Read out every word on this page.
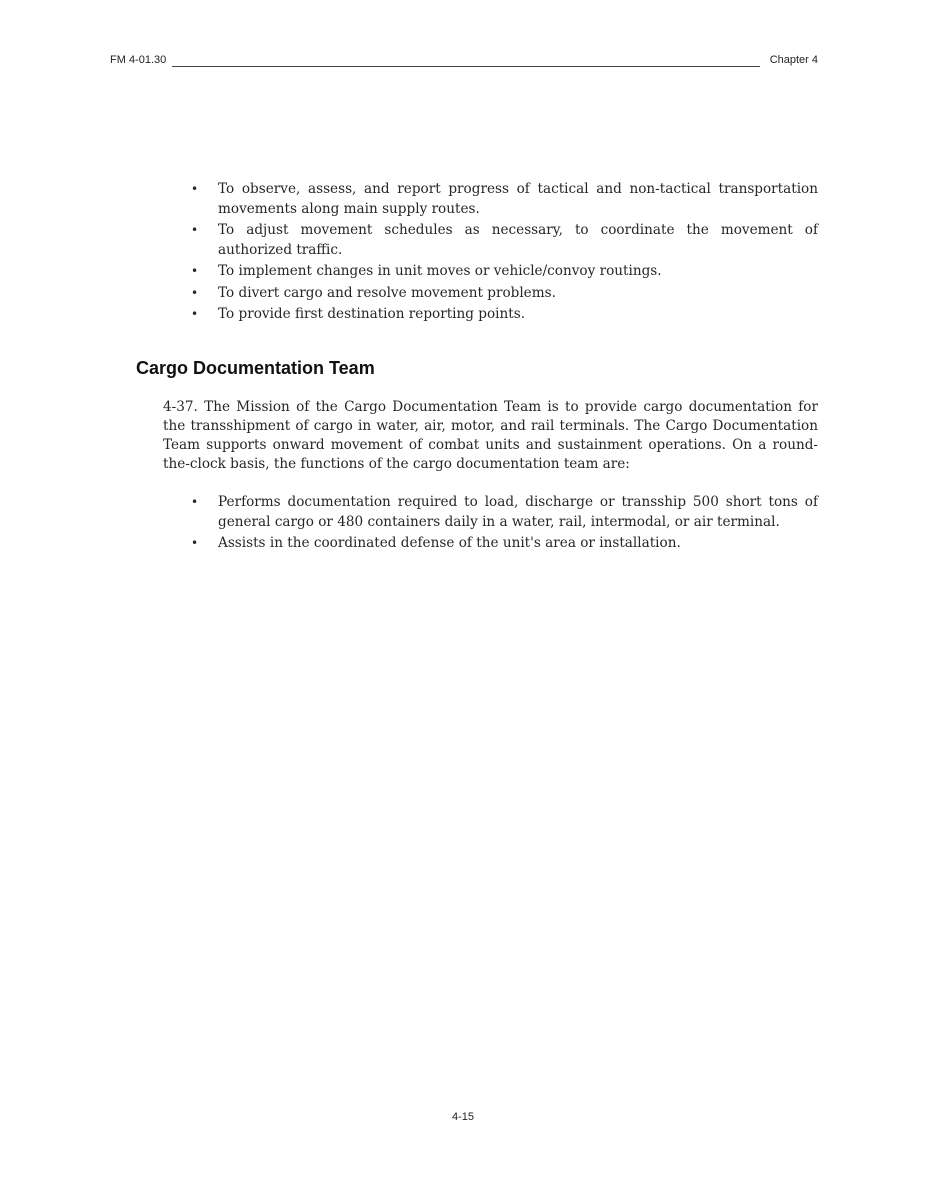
FM 4-01.30	Chapter 4
• To observe, assess, and report progress of tactical and non-tactical transportation movements along main supply routes.
• To adjust movement schedules as necessary, to coordinate the movement of authorized traffic.
• To implement changes in unit moves or vehicle/convoy routings.
• To divert cargo and resolve movement problems.
• To provide first destination reporting points.
Cargo Documentation Team

4-37. The Mission of the Cargo Documentation Team is to provide cargo documentation for the transshipment of cargo in water, air, motor, and rail terminals. The Cargo Documentation Team supports onward movement of combat units and sustainment operations. On a round-the-clock basis, the functions of the cargo documentation team are:

• Performs documentation required to load, discharge or transship 500 short tons of general cargo or 480 containers daily in a water, rail, intermodal, or air terminal.
• Assists in the coordinated defense of the unit's area or installation.
4-15
